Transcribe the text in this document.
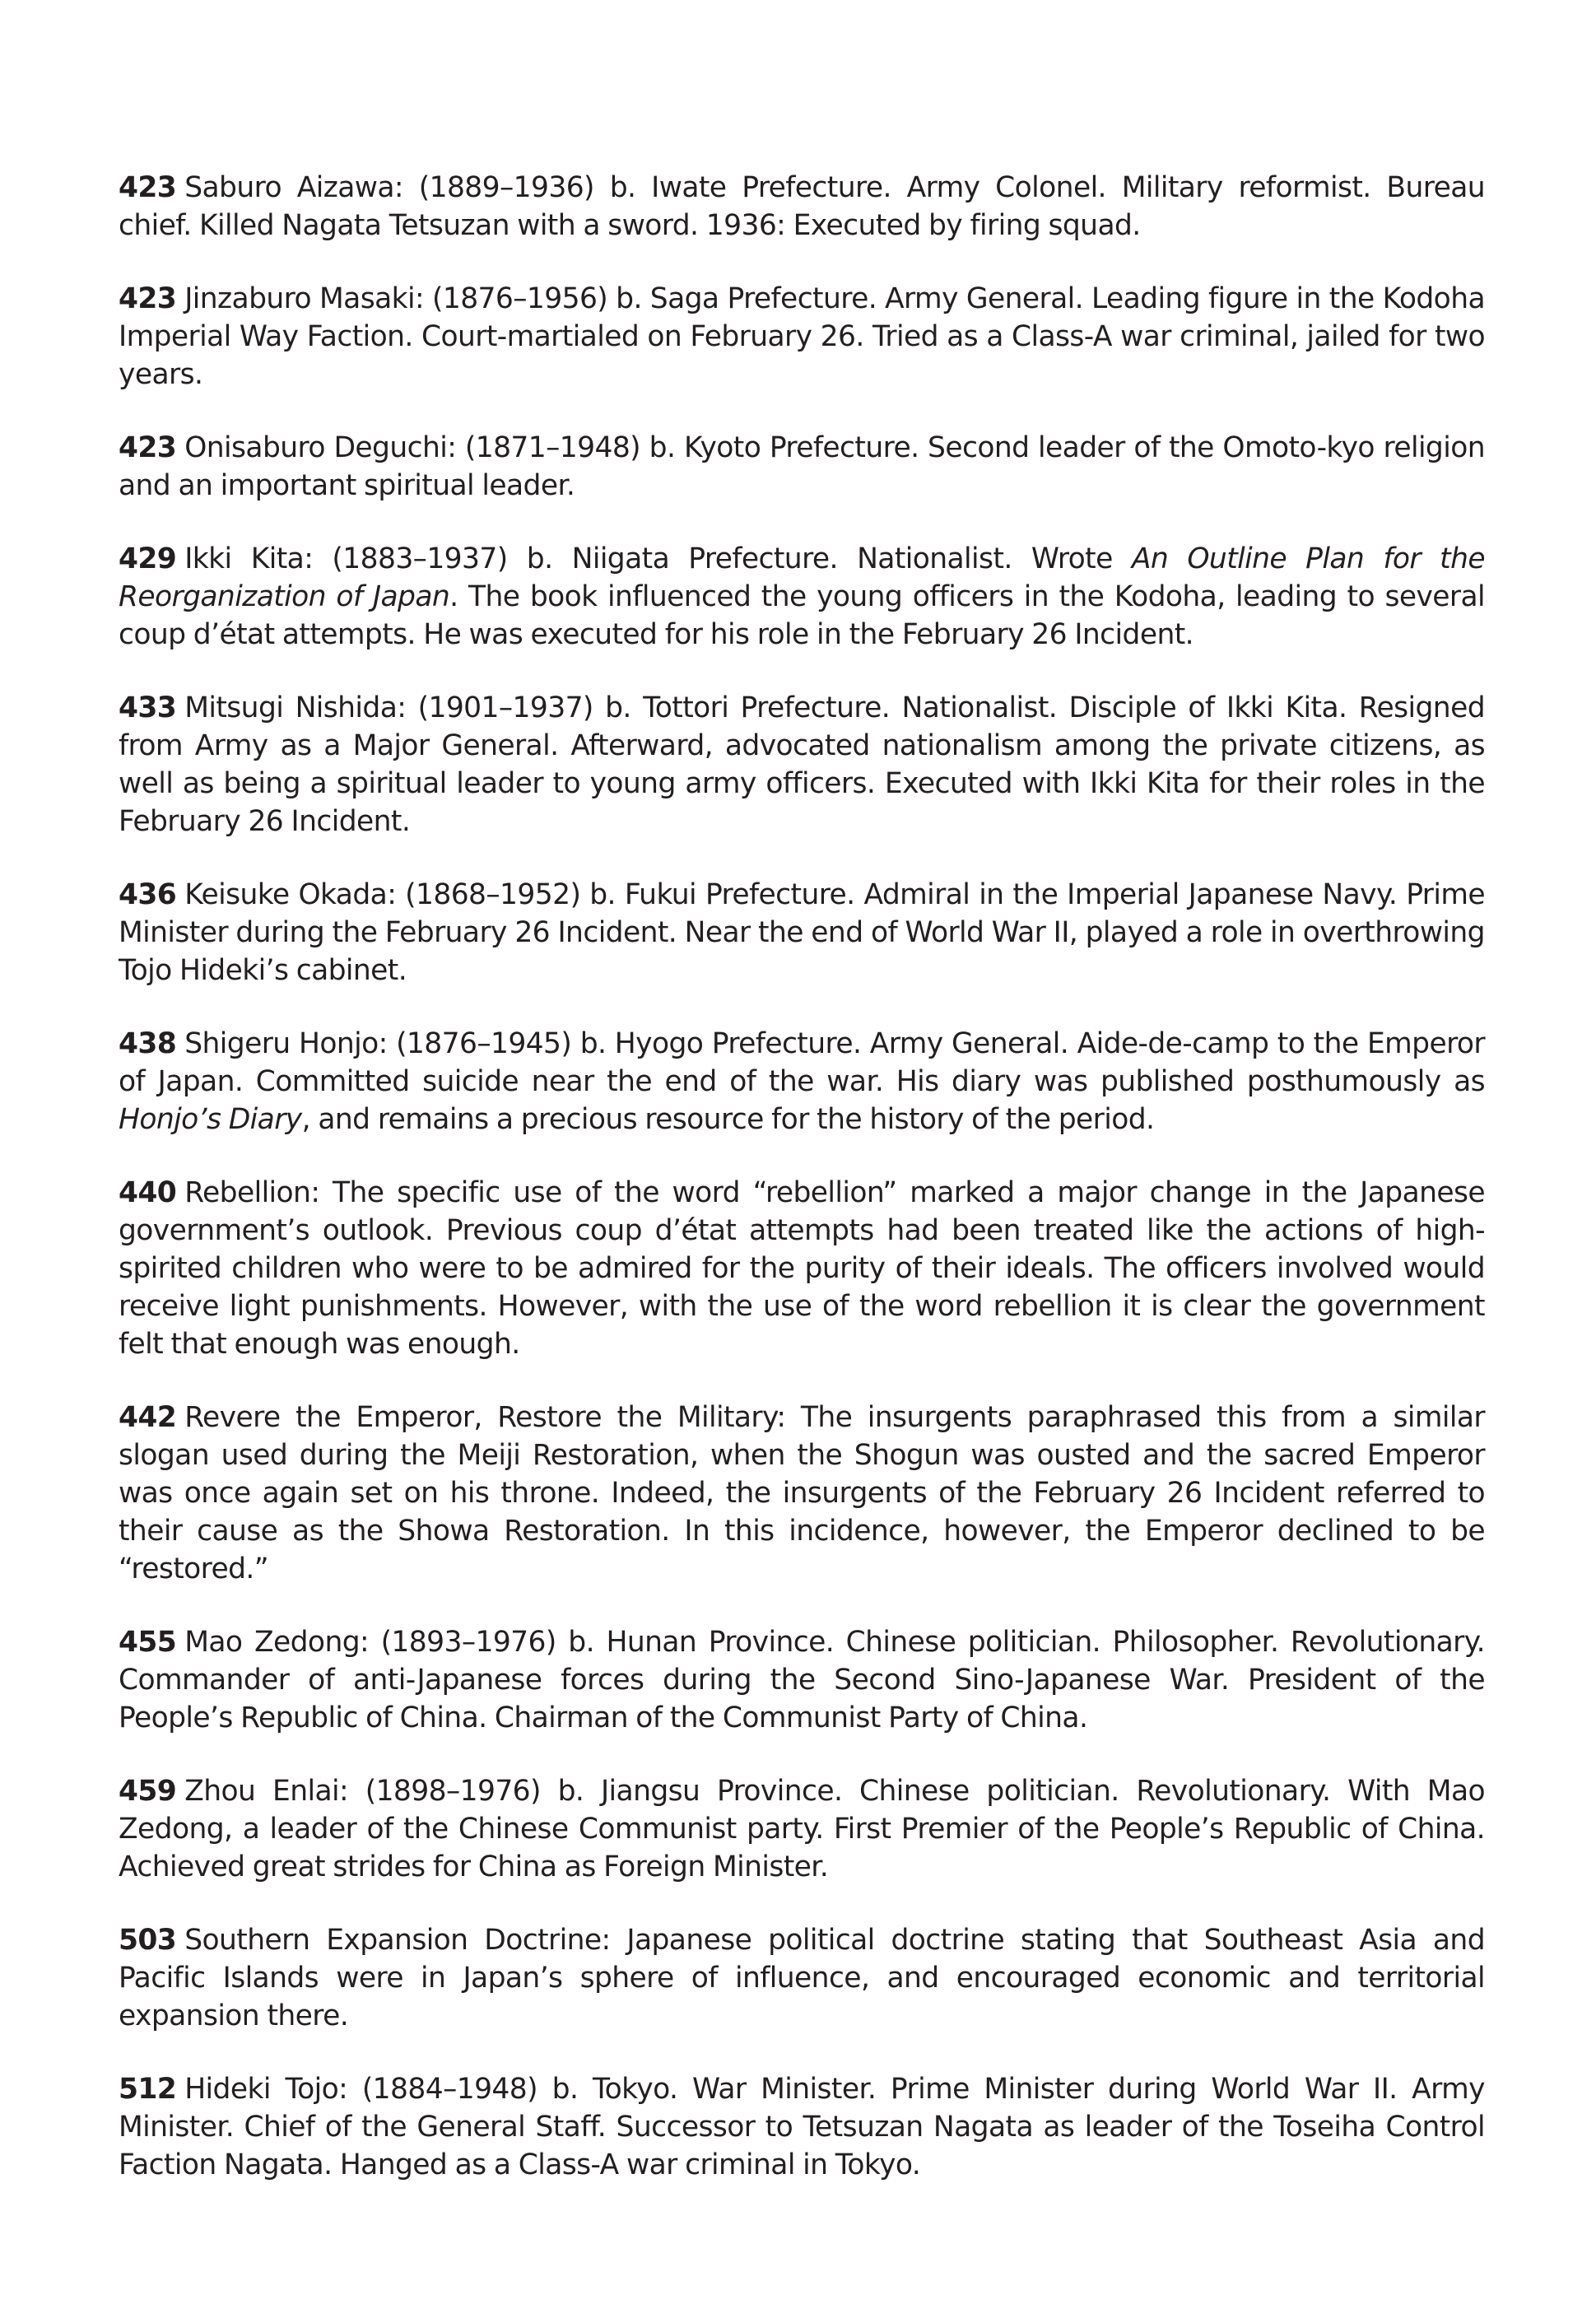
423 Saburo Aizawa: (1889–1936) b. Iwate Prefecture. Army Colonel. Military reformist. Bureau chief. Killed Nagata Tetsuzan with a sword. 1936: Executed by firing squad.

423 Jinzaburo Masaki: (1876–1956) b. Saga Prefecture. Army General. Leading figure in the Kodoha Imperial Way Faction. Court-martialed on February 26. Tried as a Class-A war criminal, jailed for two years.

423 Onisaburo Deguchi: (1871–1948) b. Kyoto Prefecture. Second leader of the Omoto-kyo religion and an important spiritual leader.

429 Ikki Kita: (1883–1937) b. Niigata Prefecture. Nationalist. Wrote An Outline Plan for the Reorganization of Japan. The book influenced the young officers in the Kodoha, leading to several coup d’état attempts. He was executed for his role in the February 26 Incident.

433 Mitsugi Nishida: (1901–1937) b. Tottori Prefecture. Nationalist. Disciple of Ikki Kita. Resigned from Army as a Major General. Afterward, advocated nationalism among the private citizens, as well as being a spiritual leader to young army officers. Executed with Ikki Kita for their roles in the February 26 Incident.

436 Keisuke Okada: (1868–1952) b. Fukui Prefecture. Admiral in the Imperial Japanese Navy. Prime Minister during the February 26 Incident. Near the end of World War II, played a role in overthrowing Tojo Hideki’s cabinet.

438 Shigeru Honjo: (1876–1945) b. Hyogo Prefecture. Army General. Aide-de-camp to the Emperor of Japan. Committed suicide near the end of the war. His diary was published posthumously as Honjo’s Diary, and remains a precious resource for the history of the period.

440 Rebellion: The specific use of the word “rebellion” marked a major change in the Japanese government’s outlook. Previous coup d’état attempts had been treated like the actions of high-spirited children who were to be admired for the purity of their ideals. The officers involved would receive light punishments. However, with the use of the word rebellion it is clear the government felt that enough was enough.

442 Revere the Emperor, Restore the Military: The insurgents paraphrased this from a similar slogan used during the Meiji Restoration, when the Shogun was ousted and the sacred Emperor was once again set on his throne. Indeed, the insurgents of the February 26 Incident referred to their cause as the Showa Restoration. In this incidence, however, the Emperor declined to be “restored.”

455 Mao Zedong: (1893–1976) b. Hunan Province. Chinese politician. Philosopher. Revolutionary. Commander of anti-Japanese forces during the Second Sino-Japanese War. President of the People’s Republic of China. Chairman of the Communist Party of China.

459 Zhou Enlai: (1898–1976) b. Jiangsu Province. Chinese politician. Revolutionary. With Mao Zedong, a leader of the Chinese Communist party. First Premier of the People’s Republic of China. Achieved great strides for China as Foreign Minister.

503 Southern Expansion Doctrine: Japanese political doctrine stating that Southeast Asia and Pacific Islands were in Japan’s sphere of influence, and encouraged economic and territorial expansion there.

512 Hideki Tojo: (1884–1948) b. Tokyo. War Minister. Prime Minister during World War II. Army Minister. Chief of the General Staff. Successor to Tetsuzan Nagata as leader of the Toseiha Control Faction Nagata. Hanged as a Class-A war criminal in Tokyo.
